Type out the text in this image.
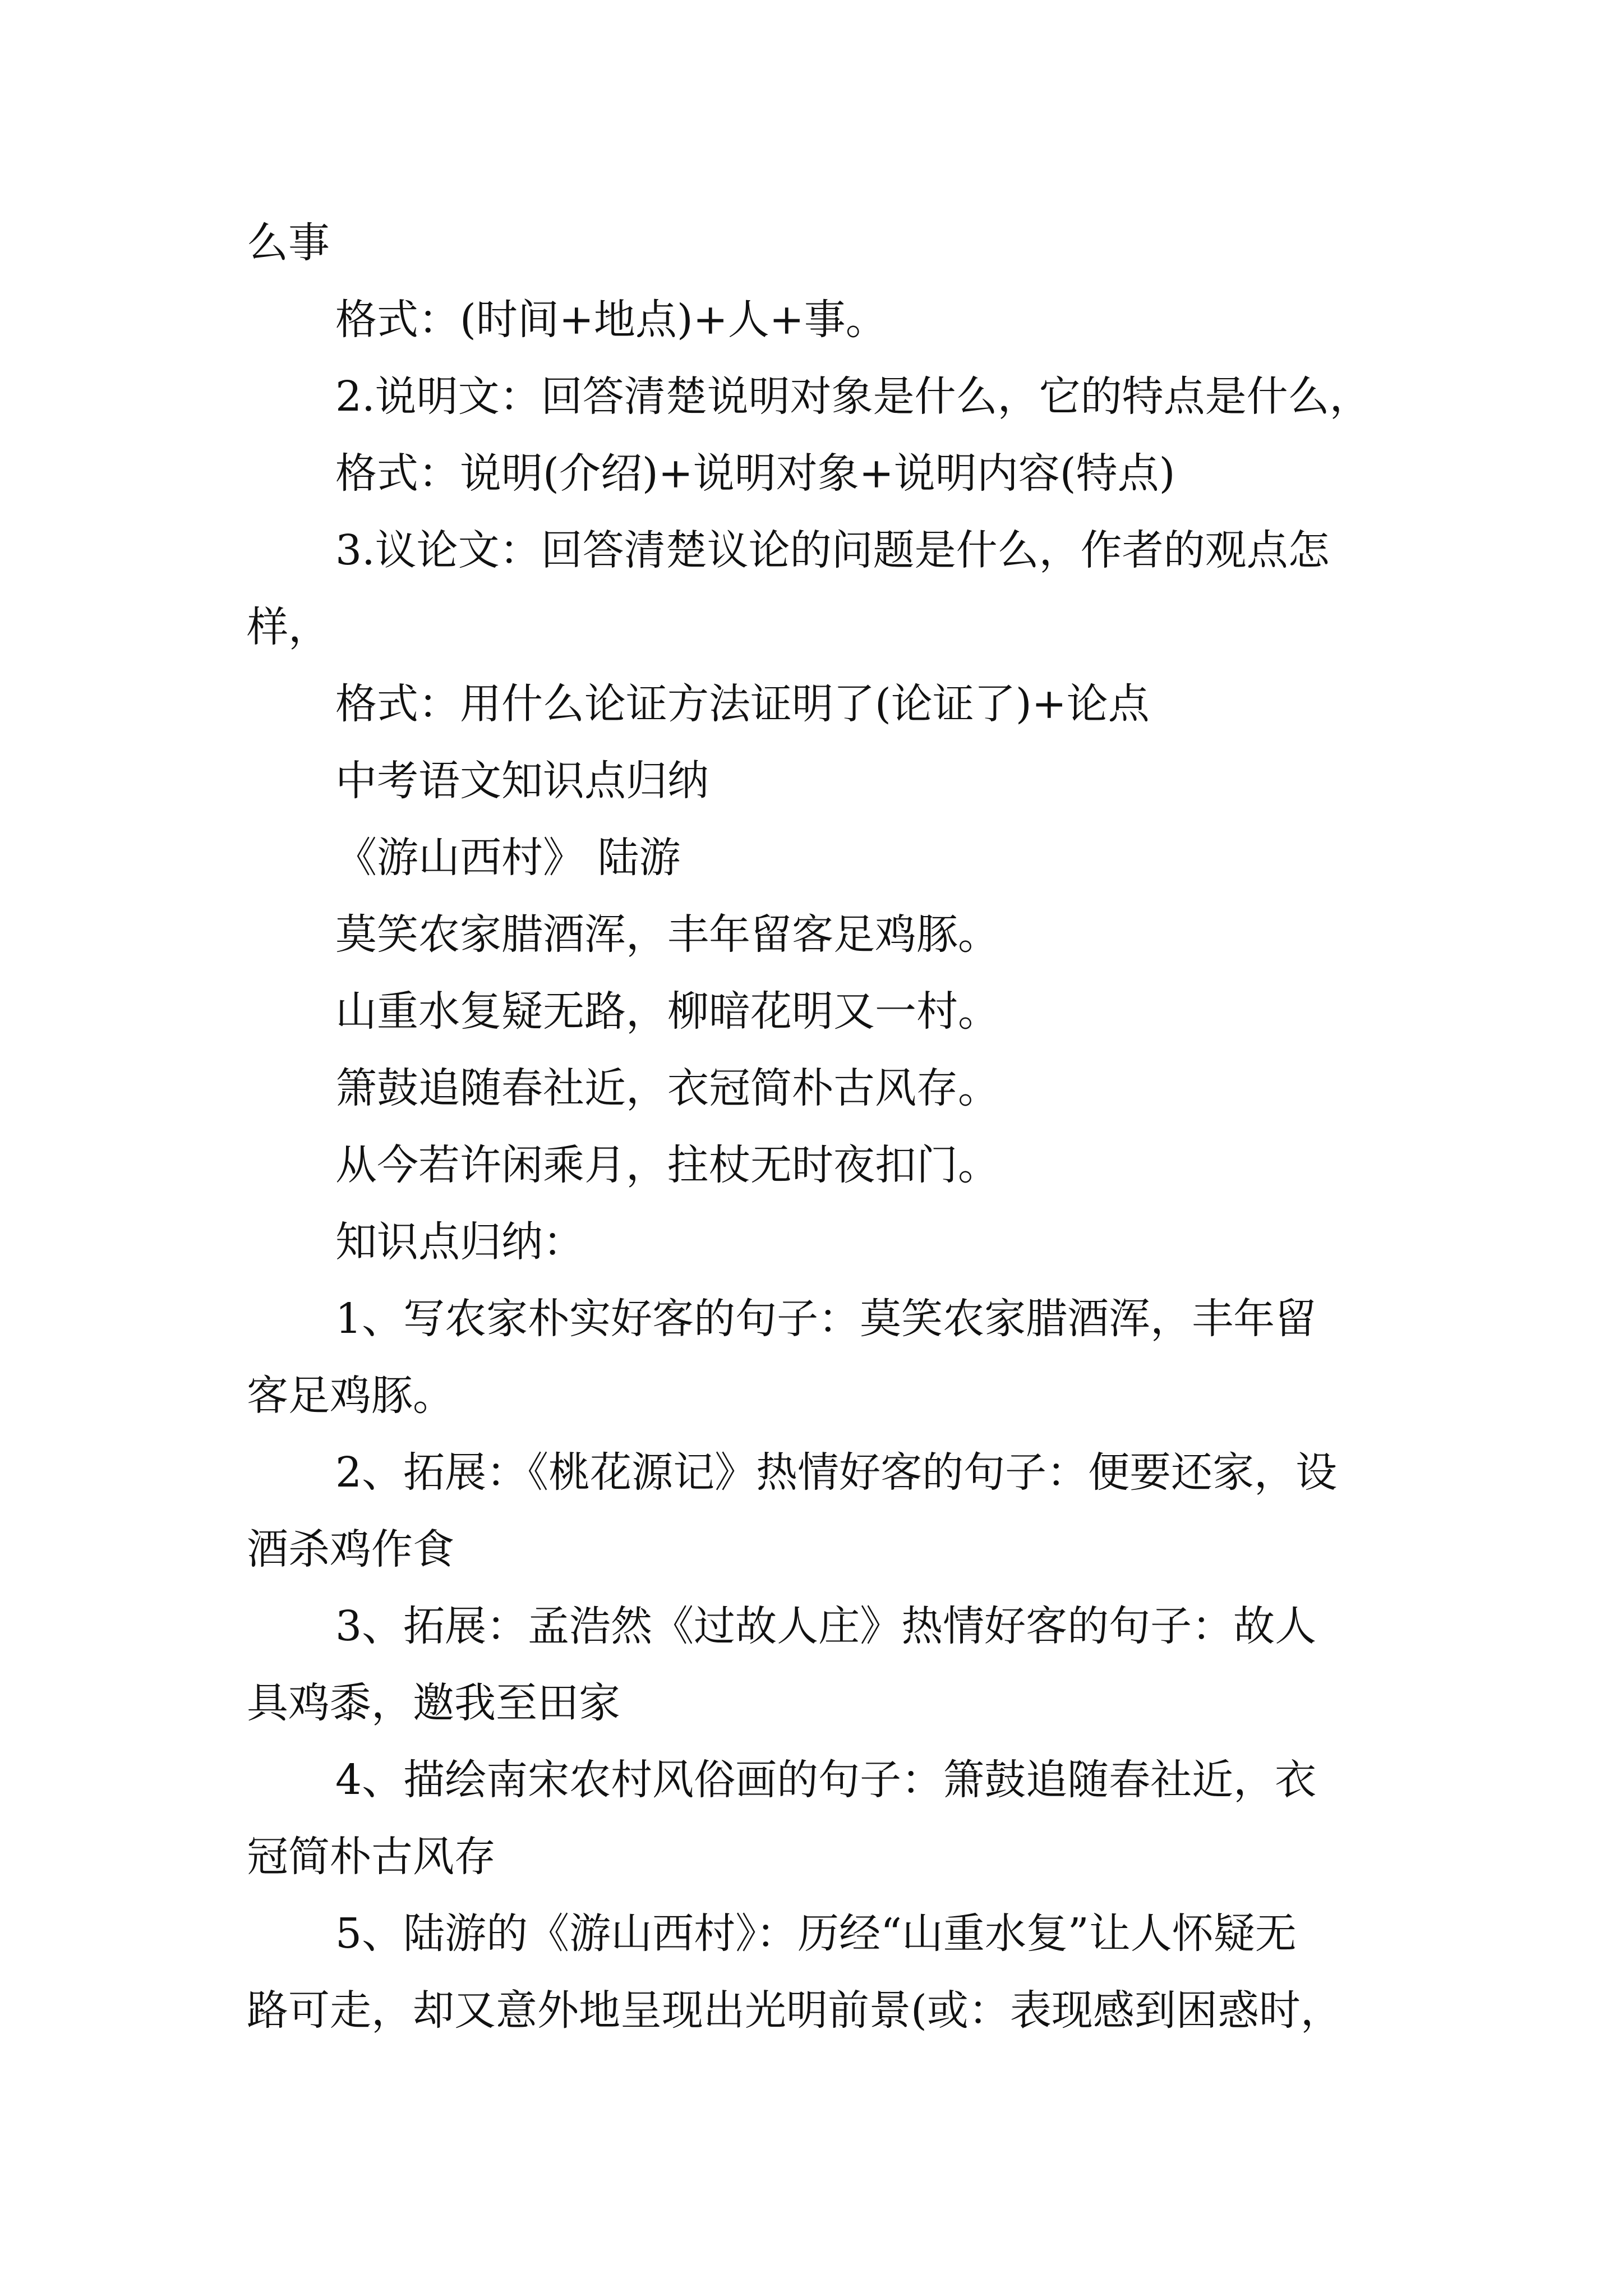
么事

格式：(时间+地点)+人+事。

2.说明文：回答清楚说明对象是什么，它的特点是什么，

格式：说明(介绍)+说明对象+说明内容(特点)

3.议论文：回答清楚议论的问题是什么，作者的观点怎

样，

格式：用什么论证方法证明了(论证了)+论点

中考语文知识点归纳

《游山西村》 陆游

莫笑农家腊酒浑，丰年留客足鸡豚。

山重水复疑无路，柳暗花明又一村。

箫鼓追随春社近，衣冠简朴古风存。

从今若许闲乘月，拄杖无时夜扣门。

知识点归纳：

1、写农家朴实好客的句子：莫笑农家腊酒浑，丰年留

客足鸡豚。

2、拓展：《桃花源记》热情好客的句子：便要还家，设

酒杀鸡作食

3、拓展：孟浩然《过故人庄》热情好客的句子：故人

具鸡黍，邀我至田家

4、描绘南宋农村风俗画的句子：箫鼓追随春社近，衣

冠简朴古风存

5、陆游的《游山西村》：历经“山重水复”让人怀疑无

路可走，却又意外地呈现出光明前景(或：表现感到困惑时，
